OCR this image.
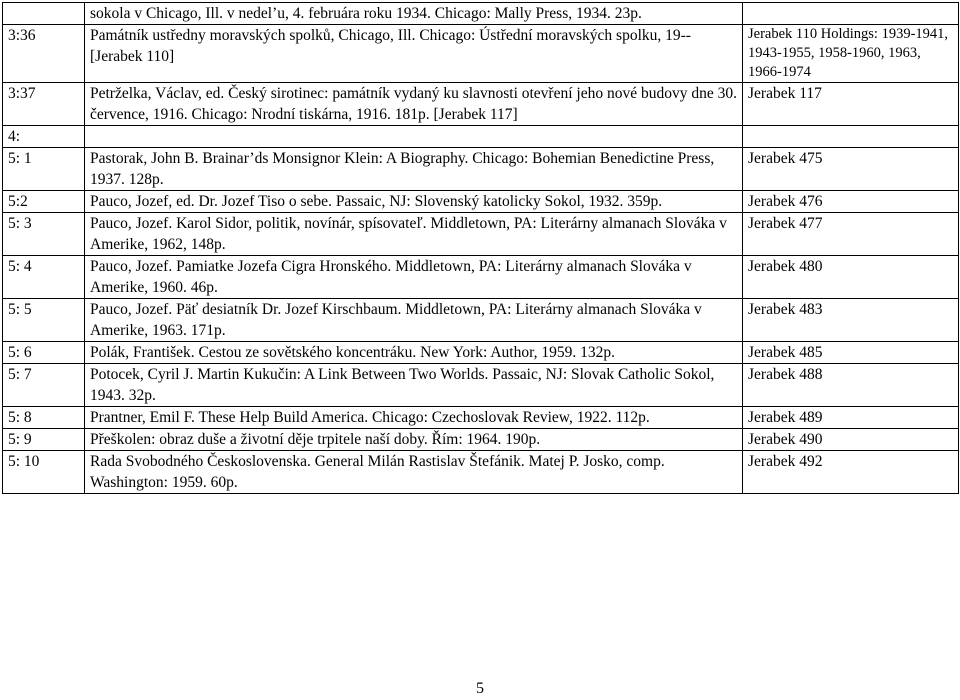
	sokola v Chicago, Ill. v nedel’u, 4. februára roku 1934. Chicago: Mally Press, 1934. 23p.	
3:36	Památník ustředny moravských spolků, Chicago, Ill. Chicago: Ústřední moravských spolku, 19-- [Jerabek 110]	Jerabek 110 Holdings: 1939-1941, 1943-1955, 1958-1960, 1963, 1966-1974
3:37	Petrželka, Václav, ed. Český sirotinec: památník vydaný ku slavnosti otevření jeho nové budovy dne 30. července, 1916. Chicago: Nrodní tiskárna, 1916. 181p. [Jerabek 117]	Jerabek 117
4:		
5: 1	Pastorak, John B. Brainar’ds Monsignor Klein: A Biography. Chicago: Bohemian Benedictine Press, 1937. 128p.	Jerabek 475
5:2	Pauco, Jozef, ed. Dr. Jozef Tiso o sebe. Passaic, NJ: Slovenský katolicky Sokol, 1932. 359p.	Jerabek 476
5: 3	Pauco, Jozef. Karol Sidor, politik, novínár, spísovateľ. Middletown, PA: Literárny almanach Slováka v Amerike, 1962, 148p.	Jerabek 477
5: 4	Pauco, Jozef. Pamiatke Jozefa Cigra Hronského. Middletown, PA: Literárny almanach Slováka v Amerike, 1960. 46p.	Jerabek 480
5: 5	Pauco, Jozef. Päť desiatník Dr. Jozef Kirschbaum. Middletown, PA: Literárny almanach Slováka v Amerike, 1963. 171p.	Jerabek 483
5: 6	Polák, František. Cestou ze sovětského koncentráku. New York: Author, 1959. 132p.	Jerabek 485
5: 7	Potocek, Cyril J. Martin Kukučin: A Link Between Two Worlds. Passaic, NJ: Slovak Catholic Sokol, 1943. 32p.	Jerabek 488
5: 8	Prantner, Emil F. These Help Build America. Chicago: Czechoslovak Review, 1922. 112p.	Jerabek 489
5: 9	Přeškolen: obraz duše a životní děje trpitele naší doby. Řím: 1964. 190p.	Jerabek 490
5: 10	Rada Svobodného Československa. General Milán Rastislav Štefánik. Matej P. Josko, comp. Washington: 1959. 60p.	Jerabek 492
5
